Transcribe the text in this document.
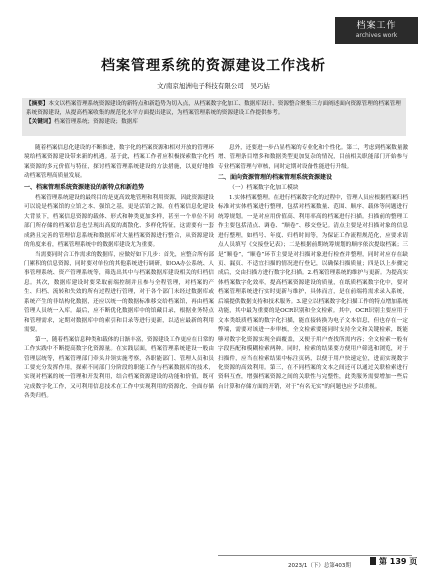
档案工作
archives work
档案管理系统的资源建设工作浅析
文/南京旭洲电子科技有限公司　吴巧姑
【摘要】本文以档案管理系统资源建设的新特点和新趋势为切入点，从档案数字化加工、数据库设计、资源整合聚集三方面阐述面向资源管理的档案管理系统资源建设，从提高档案收集的规范化水平方面提出建议，为档案管理系统的资源建设工作提供参考。
【关键词】档案管理系统；资源建设；数据库

随着档案信息化建设的不断推进，数字化的档案资源和相对开放的管理环境给档案资源建设带来新的机遇。基于此，档案工作者应积极探索数字化档案资源的多元价值与特征，探讨档案管理系统建设的方法措施，以更好地推动档案管理高质量发展。

一、档案管理系统资源建设的新特点和新趋势

档案管理系统建设的最终目的是更高效地管理和利用资源，因此资源建设可以说是档案馆的立馆之本、强馆之基，更是活馆之源。在档案信息化建设大背景下，档案信息资源的载体、形式和种类更加多样，甚至一个单位不同部门所存储的档案信息也呈现出高度的离散化、多样化特征，这需要有一套成熟且完善的管理信息系统和数据库对大量档案资源进行整合，从资源建设的角度来看，档案管理系统中的数据库建设尤为重要。

当需要同时合工作需求的数据库，应做好如下几步：首先，应整合所有部门累积的信息资源，同时要对单位的其他系统进行调研，如OA办公系统、人事管理系统、资产管理系统等，筛选出其中与档案数据库建设相关的归档信息。其次，数据库建设时要采取前端控制并且参与全程管理，对档案的产生、归档、流转和失效的所有过程进行管理，对于各个部门未经过数据库或系统产生的非结构化数据，还应以统一的数据标准移交给档案馆，再由档案管理人员统一入库。最后，应不断优化数据库中的馆藏目录，根据业务特点和管理需求，定期对数据库中的索引和目录等进行更新，以适应最新的利用需要。

第一，随着档案信息种类和载体的日渐丰富，资源建设工作更应在日常的工作实践中不断提高数字化资源量。在实践层面，档案管理系统建设一般由管理层统等，档案管理部门牵头并领实施考察，各职能部门、管理人员和员工要充分发挥作用，探索不同部门分阶段的职能工作与档案数据库的技术，实现对档案的统一管理和开发利用，结合档案资源建设的功能和价值，既可完成数字化工作，又可利用信息技术在工作中实现利用的资源化、全面存储各类归档。

息外，还要进一步凸显档案的专业化和个性化。第二，考虑到档案数量激增、管理条目增多和数据类型更加复杂的情况，目前相关职能部门开始参与专业档案管理与审核，同时定期对设备性能进行升级。

二、面向资源管理的档案管理系统资源建设
（一）档案数字化加工模块

1.实体档案整理。在进行档案数字化的过程中，管理人员应根据档案归档标准对实体档案进行整理，包括对档案数量、范围、顺序、载体等问题进行统筹规划。一是对应用价值高、利用率高的档案进行扫描。扫描前的整理工作主要包括清点、调卷、“顺卷”、移交登记。清点主要是对扫描对象的信息进行整理，如档号、年度、归档时间等，为保证工作流程规范化，应要求请点人员填写《交接登记表》；二是根据前期统筹规划的顺序依次提取档案；三是“顺卷”，“顺卷”环节主要是对扫描对象进行检查并整理，同时对应存在缺页、漏页、不适宜扫描的情况进行登记，以确保扫描质量；四是以上步骤完成后，交由扫描方进行数字化扫描。2.档案管理系统的维护与更新。为提高实体档案数字化效率，提高档案资源建设的质量，在纸质档案数字化中，要对档案管理系统进行实时更新与维护，具体而言，是在前端将需求录入系统，后端提供数据支持和技术服务。3.建立以档案数字化扫描工作的特点增加系统功能，其中最为重要的是OCR识别和全文检索。其中，OCR识别主要应用于文本类纸质档案的数字化扫描，能直接转换为电子文本信息，但也存在一定弊端，需要对该进一步审核，全文检索要能同时支持全文和关键检索，既能够对数字化资源实现全面覆盖，又便于用户查找所需内容；全文检索一般有字段匹配和模糊检索两种。同时，检索的结果要方便用户筛选和浏览，对于扫描件，应当在检索结果中标注页码，以便于用户快速定位，进而实现数字化资源的高效利用。第三，在不同档案的文本之间还可以通过关联检索进行资料互查，增强档案资源之间的关联性与完整性，此类服务需要增加一些后台计算和存储方面的开销，对于“有名无实”的问题也应予以重视。

2023/1（下）总第403期	第 139 页
